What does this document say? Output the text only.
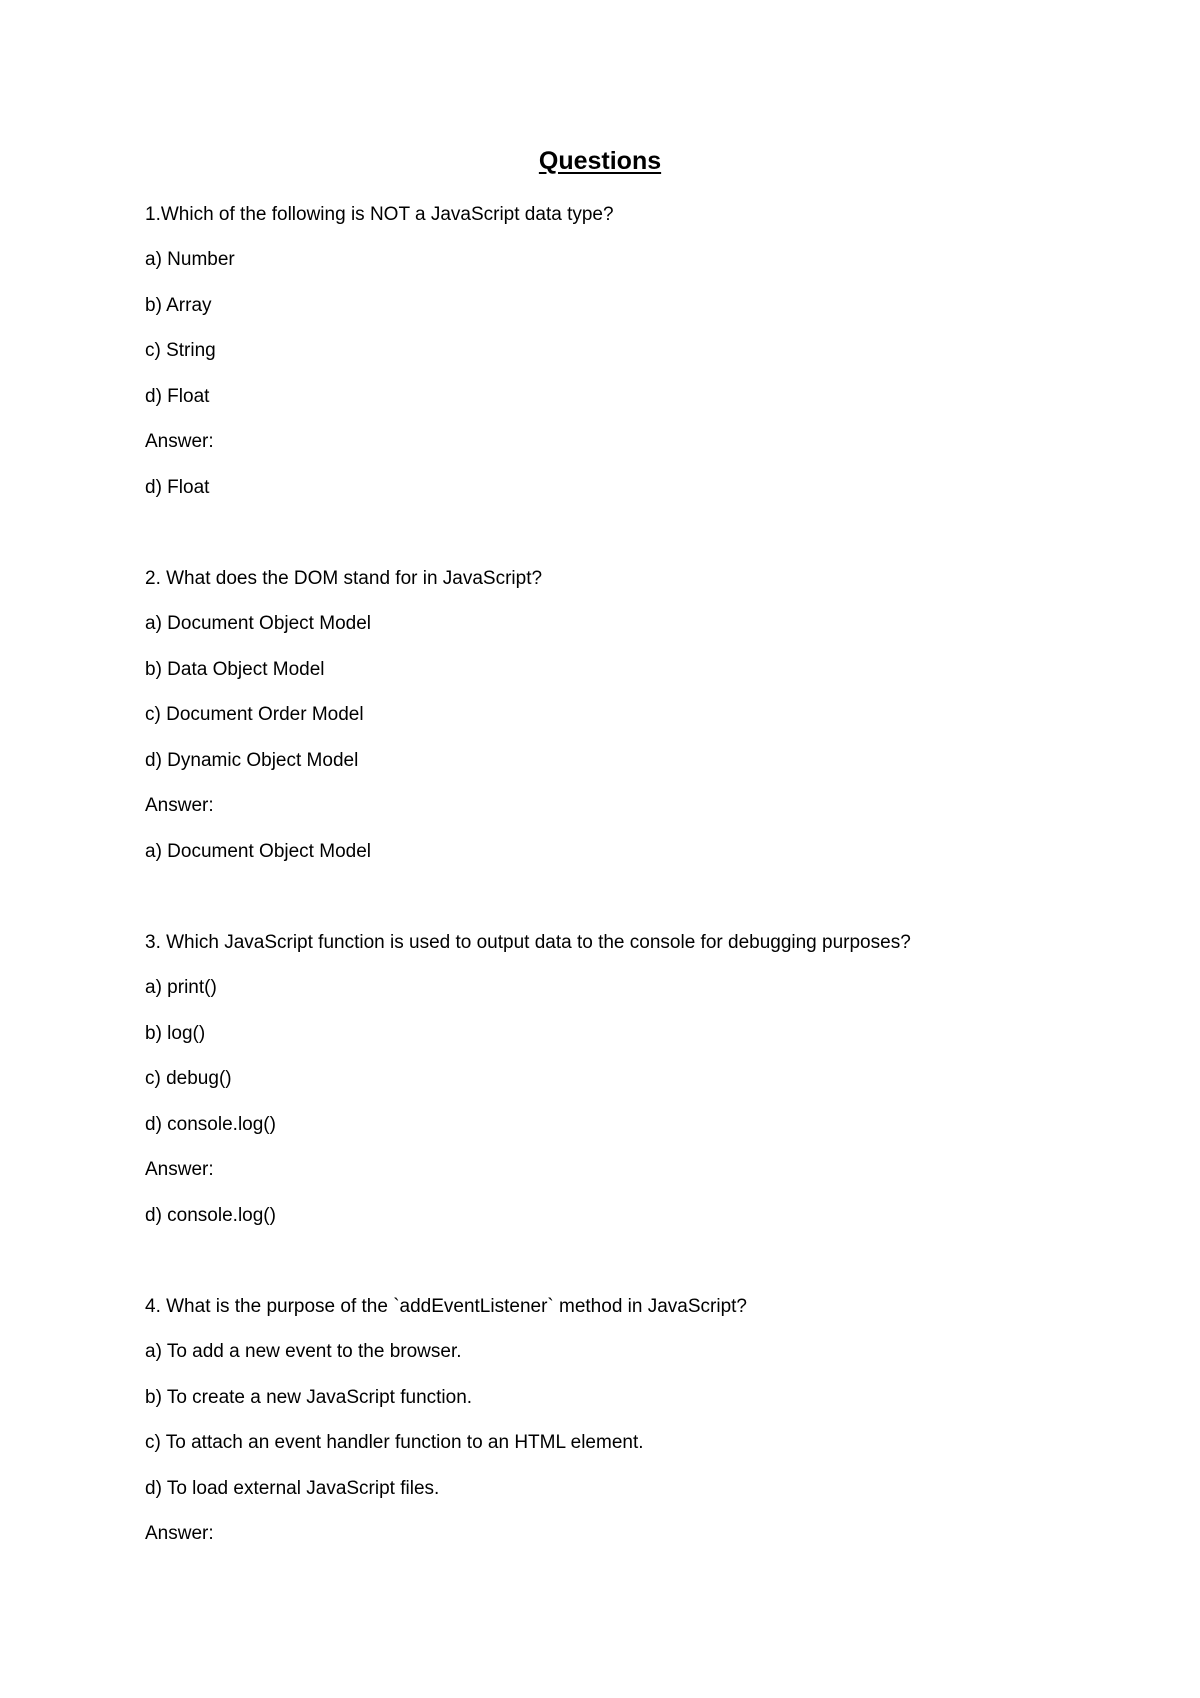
Questions
1.Which of the following is NOT a JavaScript data type?
a) Number
b) Array
c) String
d) Float
Answer:
d) Float
2. What does the DOM stand for in JavaScript?
a) Document Object Model
b) Data Object Model
c) Document Order Model
d) Dynamic Object Model
Answer:
a) Document Object Model
3. Which JavaScript function is used to output data to the console for debugging purposes?
a) print()
b) log()
c) debug()
d) console.log()
Answer:
d) console.log()
4. What is the purpose of the `addEventListener` method in JavaScript?
a) To add a new event to the browser.
b) To create a new JavaScript function.
c) To attach an event handler function to an HTML element.
d) To load external JavaScript files.
Answer:
